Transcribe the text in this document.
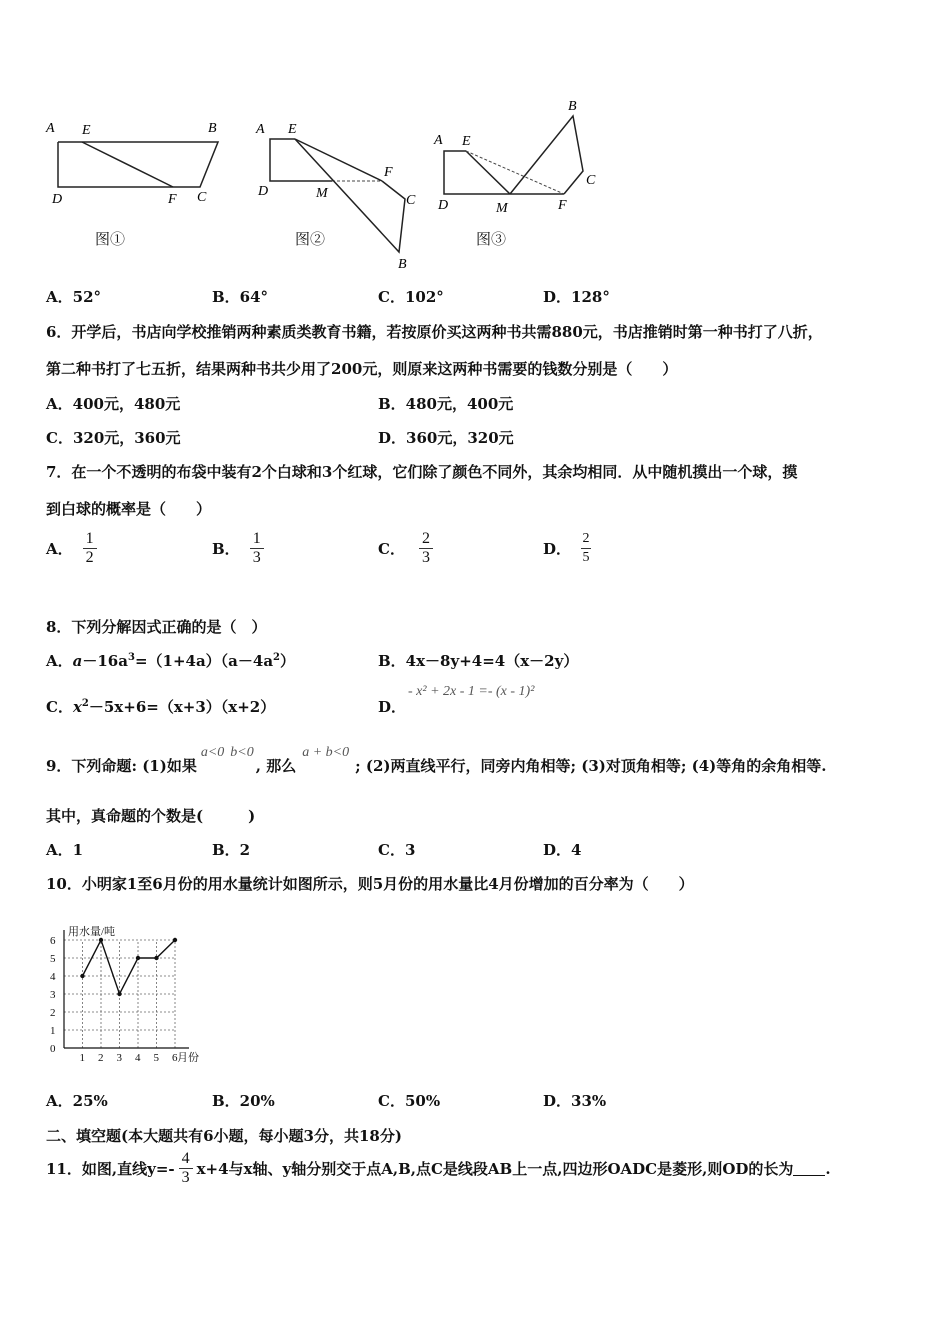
A E	B
D	F C
图①
A E
D	M
F
C
B
图②
A E
B
C
D	M	F
图③
A．52°	B．64°	C．102°	D．128°
6．开学后，书店向学校推销两种素质类教育书籍，若按原价买这两种书共需880元，书店推销时第一种书打了八折，
第二种书打了七五折，结果两种书共少用了200元，则原来这两种书需要的钱数分别是（　　）
A．400元，480元	B．480元，400元
C．320元，360元	D．360元，320元
7．在一个不透明的布袋中装有2个白球和3个红球，它们除了颜色不同外，其余均相同．从中随机摸出一个球，摸
到白球的概率是（　　）
A． $\frac{1}{2}$	B． $\frac{1}{3}$	C． $\frac{2}{3}$	D． $\frac{2}{5}$
8．下列分解因式正确的是（　）
A．$a-16a^3=(1+4a)(a-4a^2)$	B．4x－8y+4=4（x－2y）
C．$x^2-5x+6=(x+3)(x+2)$	D．
- x² + 2x - 1 =- (x - 1)²
9．下列命题: (1)如果a<0 b<0, 那么a + b<0; (2)两直线平行，同旁内角相等; (3)对顶角相等; (4)等角的余角相等.
其中，真命题的个数是(　　　)
A．1	B．2	C．3	D．4
10．小明家1至6月份的用水量统计如图所示，则5月份的用水量比4月份增加的百分率为（　　）
0
1
2
3
4
5
6
1 2 3 4 5 6
用水量/吨
月份
A．25%	B．20%	C．50%	D．33%
二、填空题(本大题共有6小题，每小题3分，共18分)
11．如图,直线$y=- \frac{4}{3} x+4$与x轴、y轴分别交于点A,B,点C是线段AB上一点,四边形OADC是菱形,则OD的长为 .
